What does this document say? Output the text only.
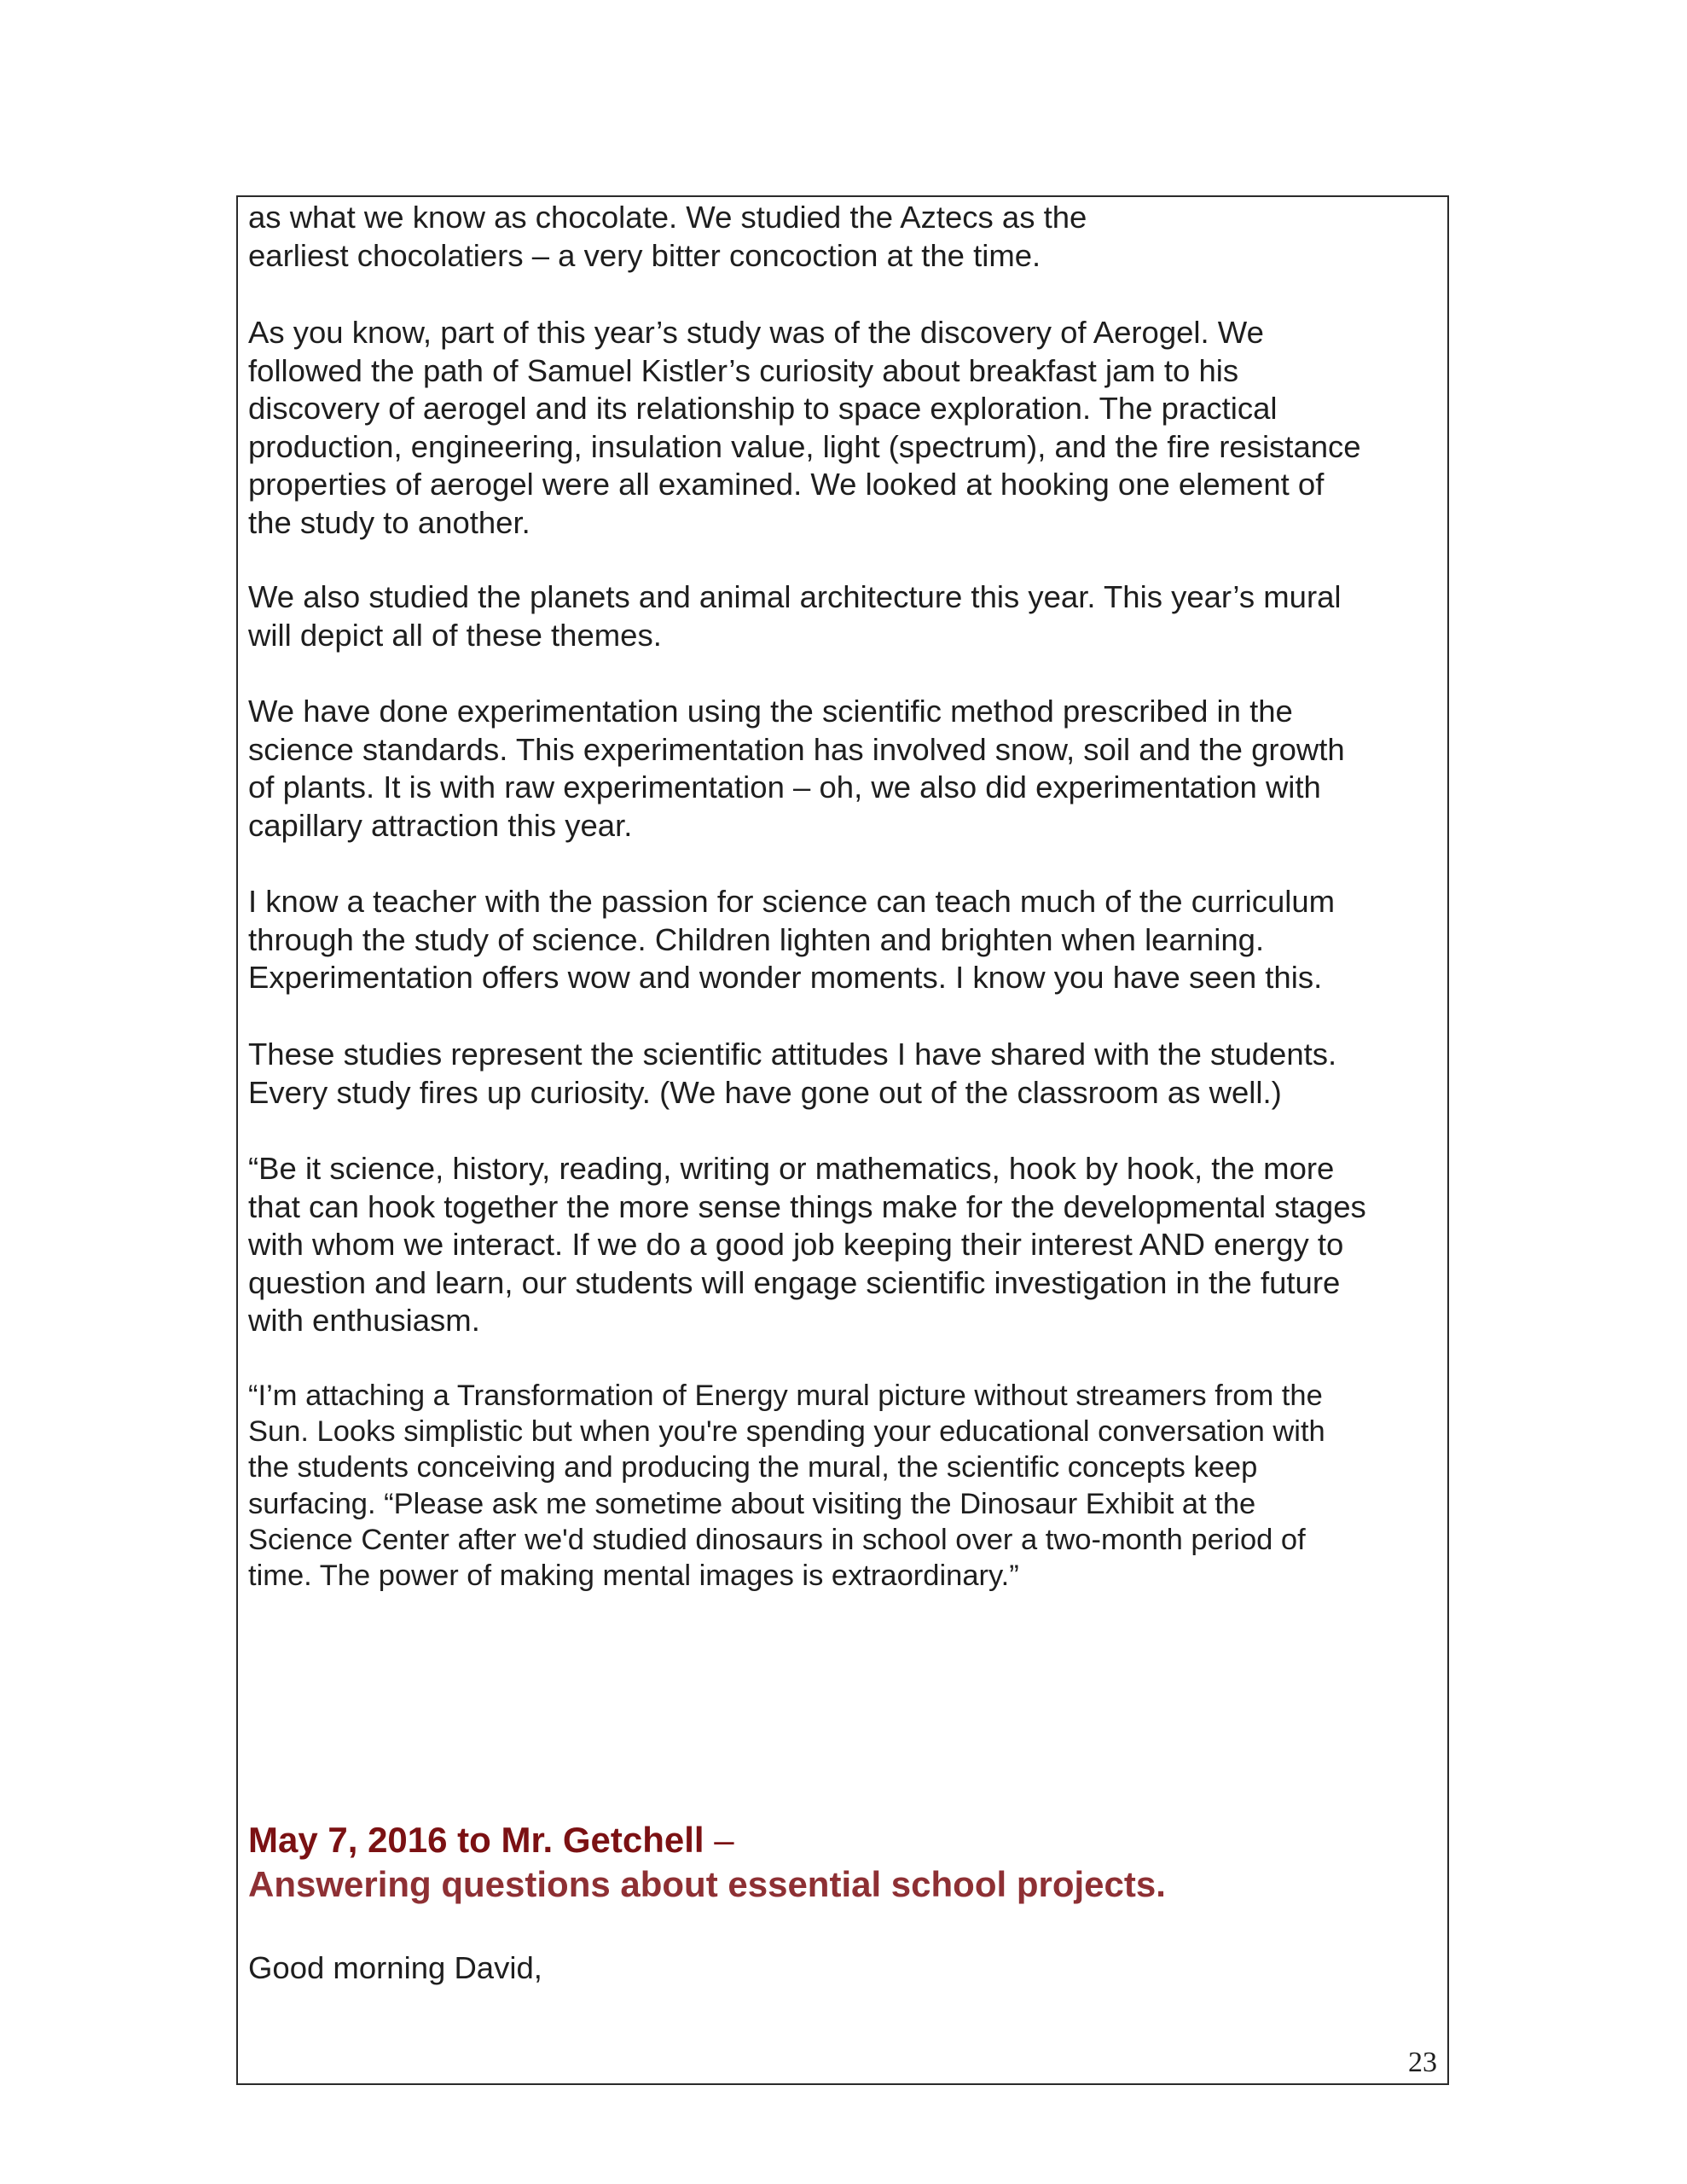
as what we know as chocolate. We studied the Aztecs as the
earliest chocolatiers – a very bitter concoction at the time.

As you know, part of this year’s study was of the discovery of Aerogel. We
followed the path of Samuel Kistler’s curiosity about breakfast jam to his
discovery of aerogel and its relationship to space exploration. The practical
production, engineering, insulation value, light (spectrum), and the fire resistance
properties of aerogel were all examined. We looked at hooking one element of
the study to another.

We also studied the planets and animal architecture this year. This year’s mural
will depict all of these themes.

We have done experimentation using the scientific method prescribed in the
science standards. This experimentation has involved snow, soil and the growth
of plants. It is with raw experimentation – oh, we also did experimentation with
capillary attraction this year.

I know a teacher with the passion for science can teach much of the curriculum
through the study of science. Children lighten and brighten when learning.
Experimentation offers wow and wonder moments. I know you have seen this.

These studies represent the scientific attitudes I have shared with the students.
Every study fires up curiosity. (We have gone out of the classroom as well.)

“Be it science, history, reading, writing or mathematics, hook by hook, the more
that can hook together the more sense things make for the developmental stages
with whom we interact. If we do a good job keeping their interest AND energy to
question and learn, our students will engage scientific investigation in the future
with enthusiasm.

“I’m attaching a Transformation of Energy mural picture without streamers from the
Sun. Looks simplistic but when you're spending your educational conversation with
the students conceiving and producing the mural, the scientific concepts keep
surfacing. “Please ask me sometime about visiting the Dinosaur Exhibit at the
Science Center after we'd studied dinosaurs in school over a two-month period of
time. The power of making mental images is extraordinary.”

May 7, 2016 to Mr. Getchell –
Answering questions about essential school projects.

Good morning David,

23
